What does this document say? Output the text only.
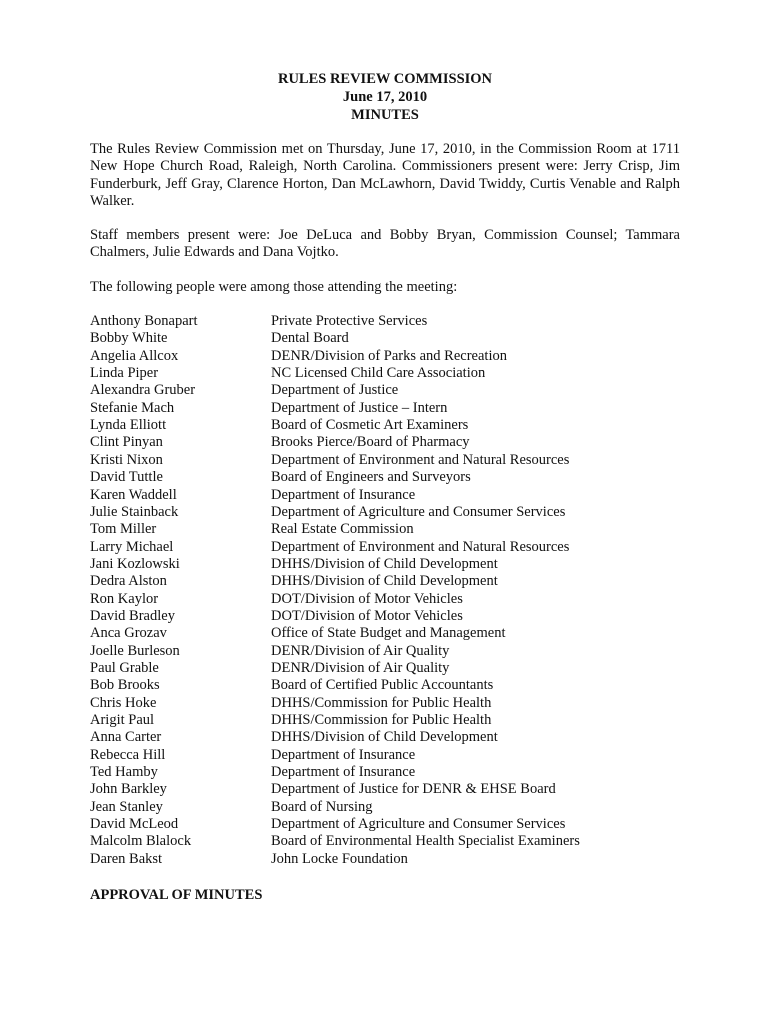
RULES REVIEW COMMISSION
June 17, 2010
MINUTES

The Rules Review Commission met on Thursday, June 17, 2010, in the Commission Room at 1711 New Hope Church Road, Raleigh, North Carolina. Commissioners present were: Jerry Crisp, Jim Funderburk, Jeff Gray, Clarence Horton, Dan McLawhorn, David Twiddy, Curtis Venable and Ralph Walker.

Staff members present were: Joe DeLuca and Bobby Bryan, Commission Counsel; Tammara Chalmers, Julie Edwards and Dana Vojtko.

The following people were among those attending the meeting:

Anthony Bonapart	Private Protective Services
Bobby White	Dental Board
Angelia Allcox	DENR/Division of Parks and Recreation
Linda Piper	NC Licensed Child Care Association
Alexandra Gruber	Department of Justice
Stefanie Mach	Department of Justice – Intern
Lynda Elliott	Board of Cosmetic Art Examiners
Clint Pinyan	Brooks Pierce/Board of Pharmacy
Kristi Nixon	Department of Environment and Natural Resources
David Tuttle	Board of Engineers and Surveyors
Karen Waddell	Department of Insurance
Julie Stainback	Department of Agriculture and Consumer Services
Tom Miller	Real Estate Commission
Larry Michael	Department of Environment and Natural Resources
Jani Kozlowski	DHHS/Division of Child Development
Dedra Alston	DHHS/Division of Child Development
Ron Kaylor	DOT/Division of Motor Vehicles
David Bradley	DOT/Division of Motor Vehicles
Anca Grozav	Office of State Budget and Management
Joelle Burleson	DENR/Division of Air Quality
Paul Grable	DENR/Division of Air Quality
Bob Brooks	Board of Certified Public Accountants
Chris Hoke	DHHS/Commission for Public Health
Arigit Paul	DHHS/Commission for Public Health
Anna Carter	DHHS/Division of Child Development
Rebecca Hill	Department of Insurance
Ted Hamby	Department of Insurance
John Barkley	Department of Justice for DENR & EHSE Board
Jean Stanley	Board of Nursing
David McLeod	Department of Agriculture and Consumer Services
Malcolm Blalock	Board of Environmental Health Specialist Examiners
Daren Bakst	John Locke Foundation
APPROVAL OF MINUTES
